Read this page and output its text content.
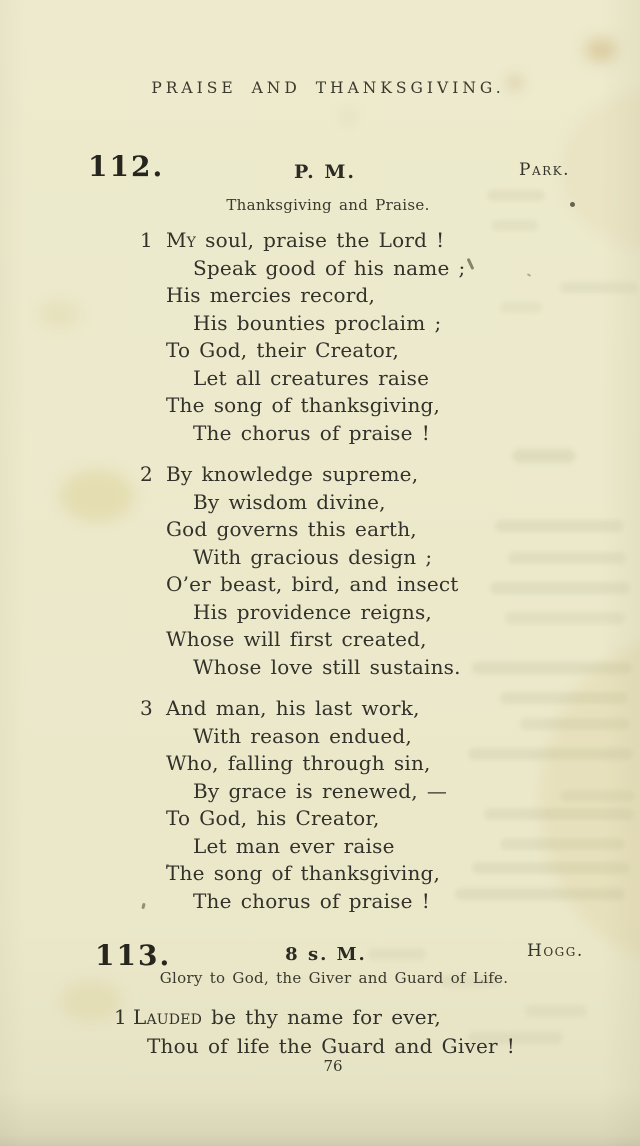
PRAISE AND THANKSGIVING.
112.	P. M.	Park.
Thanksgiving and Praise.
1 My soul, praise the Lord !
Speak good of his name ;
His mercies record,
His bounties proclaim ;
To God, their Creator,
Let all creatures raise
The song of thanksgiving,
The chorus of praise !
2 By knowledge supreme,
By wisdom divine,
God governs this earth,
With gracious design ;
O’er beast, bird, and insect
His providence reigns,
Whose will first created,
Whose love still sustains.
3 And man, his last work,
With reason endued,
Who, falling through sin,
By grace is renewed, —
To God, his Creator,
Let man ever raise
The song of thanksgiving,
The chorus of praise !
113.	8 s. M.	Hogg.
Glory to God, the Giver and Guard of Life.
1 Lauded be thy name for ever,
Thou of life the Guard and Giver !
76
